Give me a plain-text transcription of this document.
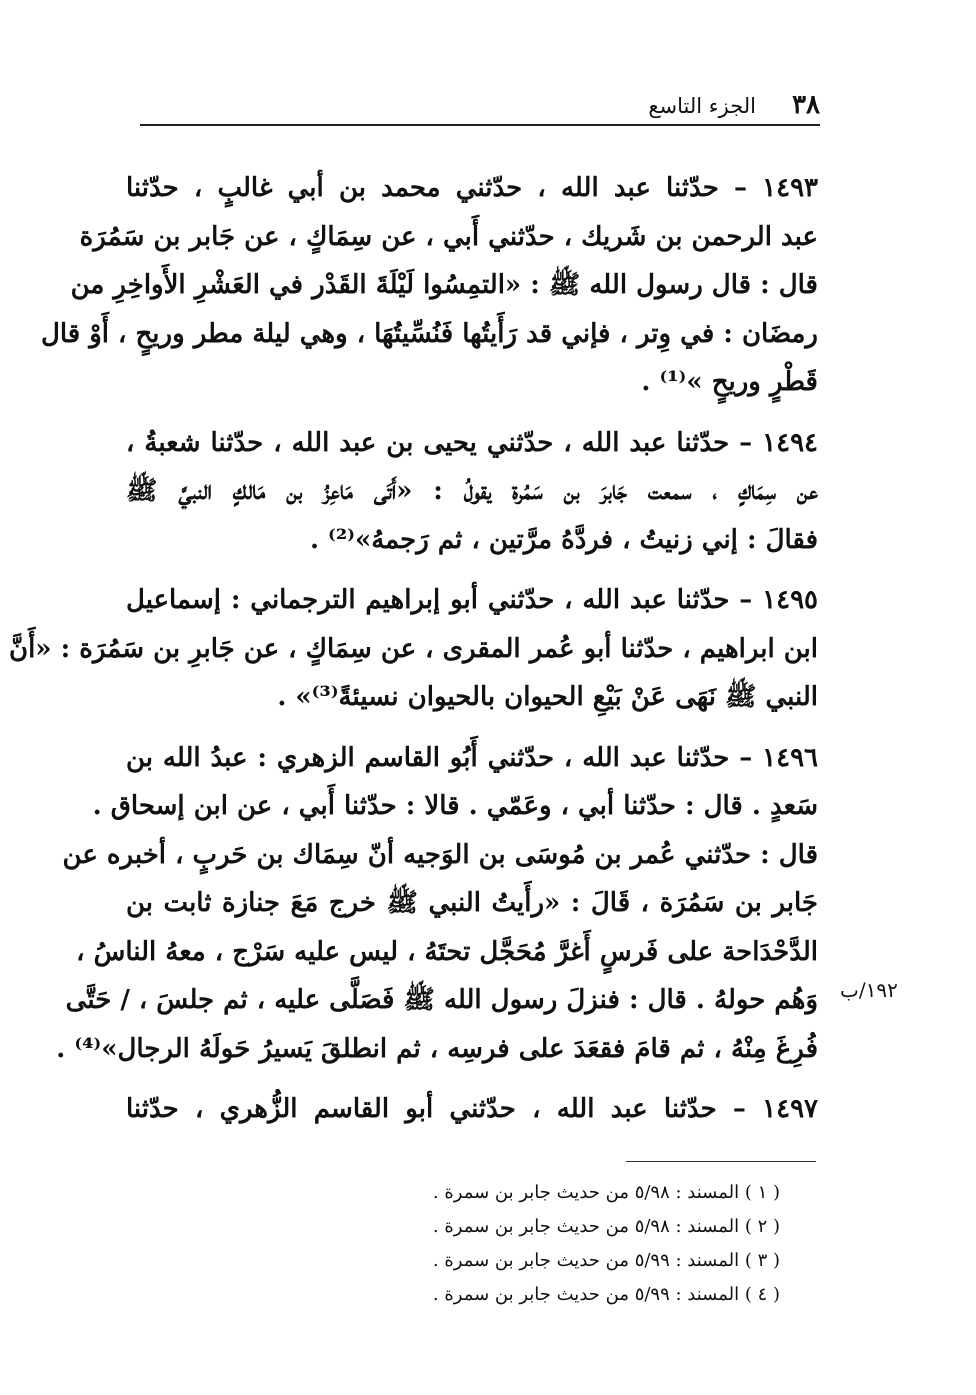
٣٨
الجزء التاسع
١٩٢/ب
١٤٩٣ – حدّثنا عبد الله ، حدّثني محمد بن أبي غالبٍ ، حدّثنا
عبد الرحمن بن شَريك ، حدّثني أَبي ، عن سِمَاكٍ ، عن جَابر بن سَمُرَة
قال : قال رسول الله ﷺ : «التمِسُوا لَيْلَةَ القَدْر في العَشْرِ الأَواخِرِ من
رمضَان : في وِتر ، فإني قد رَأَيتُها فَنُسِّيتُهَا ، وهي ليلة مطر وريحٍ ، أَوْ قال
قَطْرٍ وريحٍ »⁽¹⁾ .
١٤٩٤ – حدّثنا عبد الله ، حدّثني يحيى بن عبد الله ، حدّثنا شعبةُ ،
عن سِمَاكٍ ، سمعت جَابرَ بن سَمُرة يقولُ : «أَتَى مَاعِزُ بن مَالكٍ النبيَّ ﷺ
فقالَ : إني زنيتُ ، فردَّهُ مرَّتين ، ثم رَجمهُ»⁽²⁾ .
١٤٩٥ – حدّثنا عبد الله ، حدّثني أبو إبراهيم الترجماني : إسماعيل
ابن ابراهيم ، حدّثنا أبو عُمر المقرى ، عن سِمَاكٍ ، عن جَابرِ بن سَمُرَة : «أَنَّ
النبي ﷺ نَهَى عَنْ بَيْعِ الحيوان بالحيوان نسيئةً⁽³⁾» .
١٤٩٦ – حدّثنا عبد الله ، حدّثني أَبُو القاسم الزهري : عبدُ الله بن
سَعدٍ . قال : حدّثنا أبي ، وعَمّي . قالا : حدّثنا أَبي ، عن ابن إسحاق .
قال : حدّثني عُمر بن مُوسَى بن الوَجيه أنّ سِمَاك بن حَربٍ ، أخبره عن
جَابر بن سَمُرَة ، قَالَ : «رأَيتُ النبي ﷺ خرج مَعَ جنازة ثابت بن
الدَّحْدَاحة على فَرسٍ أَغرَّ مُحَجَّل تحتَهُ ، ليس عليه سَرْج ، معهُ الناسُ ،
وَهُم حولهُ . قال : فنزلَ رسول الله ﷺ فَصَلَّى عليه ، ثم جلسَ ، / حَتَّى
فُرِغَ مِنْهُ ، ثم قامَ فقعَدَ على فرسِه ، ثم انطلقَ يَسيرُ حَولَهُ الرجال»⁽⁴⁾ .
١٤٩٧ – حدّثنا عبد الله ، حدّثني أبو القاسم الزُّهري ، حدّثنا
( ١ ) المسند : ٥/٩٨ من حديث جابر بن سمرة .
( ٢ ) المسند : ٥/٩٨ من حديث جابر بن سمرة .
( ٣ ) المسند : ٥/٩٩ من حديث جابر بن سمرة .
( ٤ ) المسند : ٥/٩٩ من حديث جابر بن سمرة .
